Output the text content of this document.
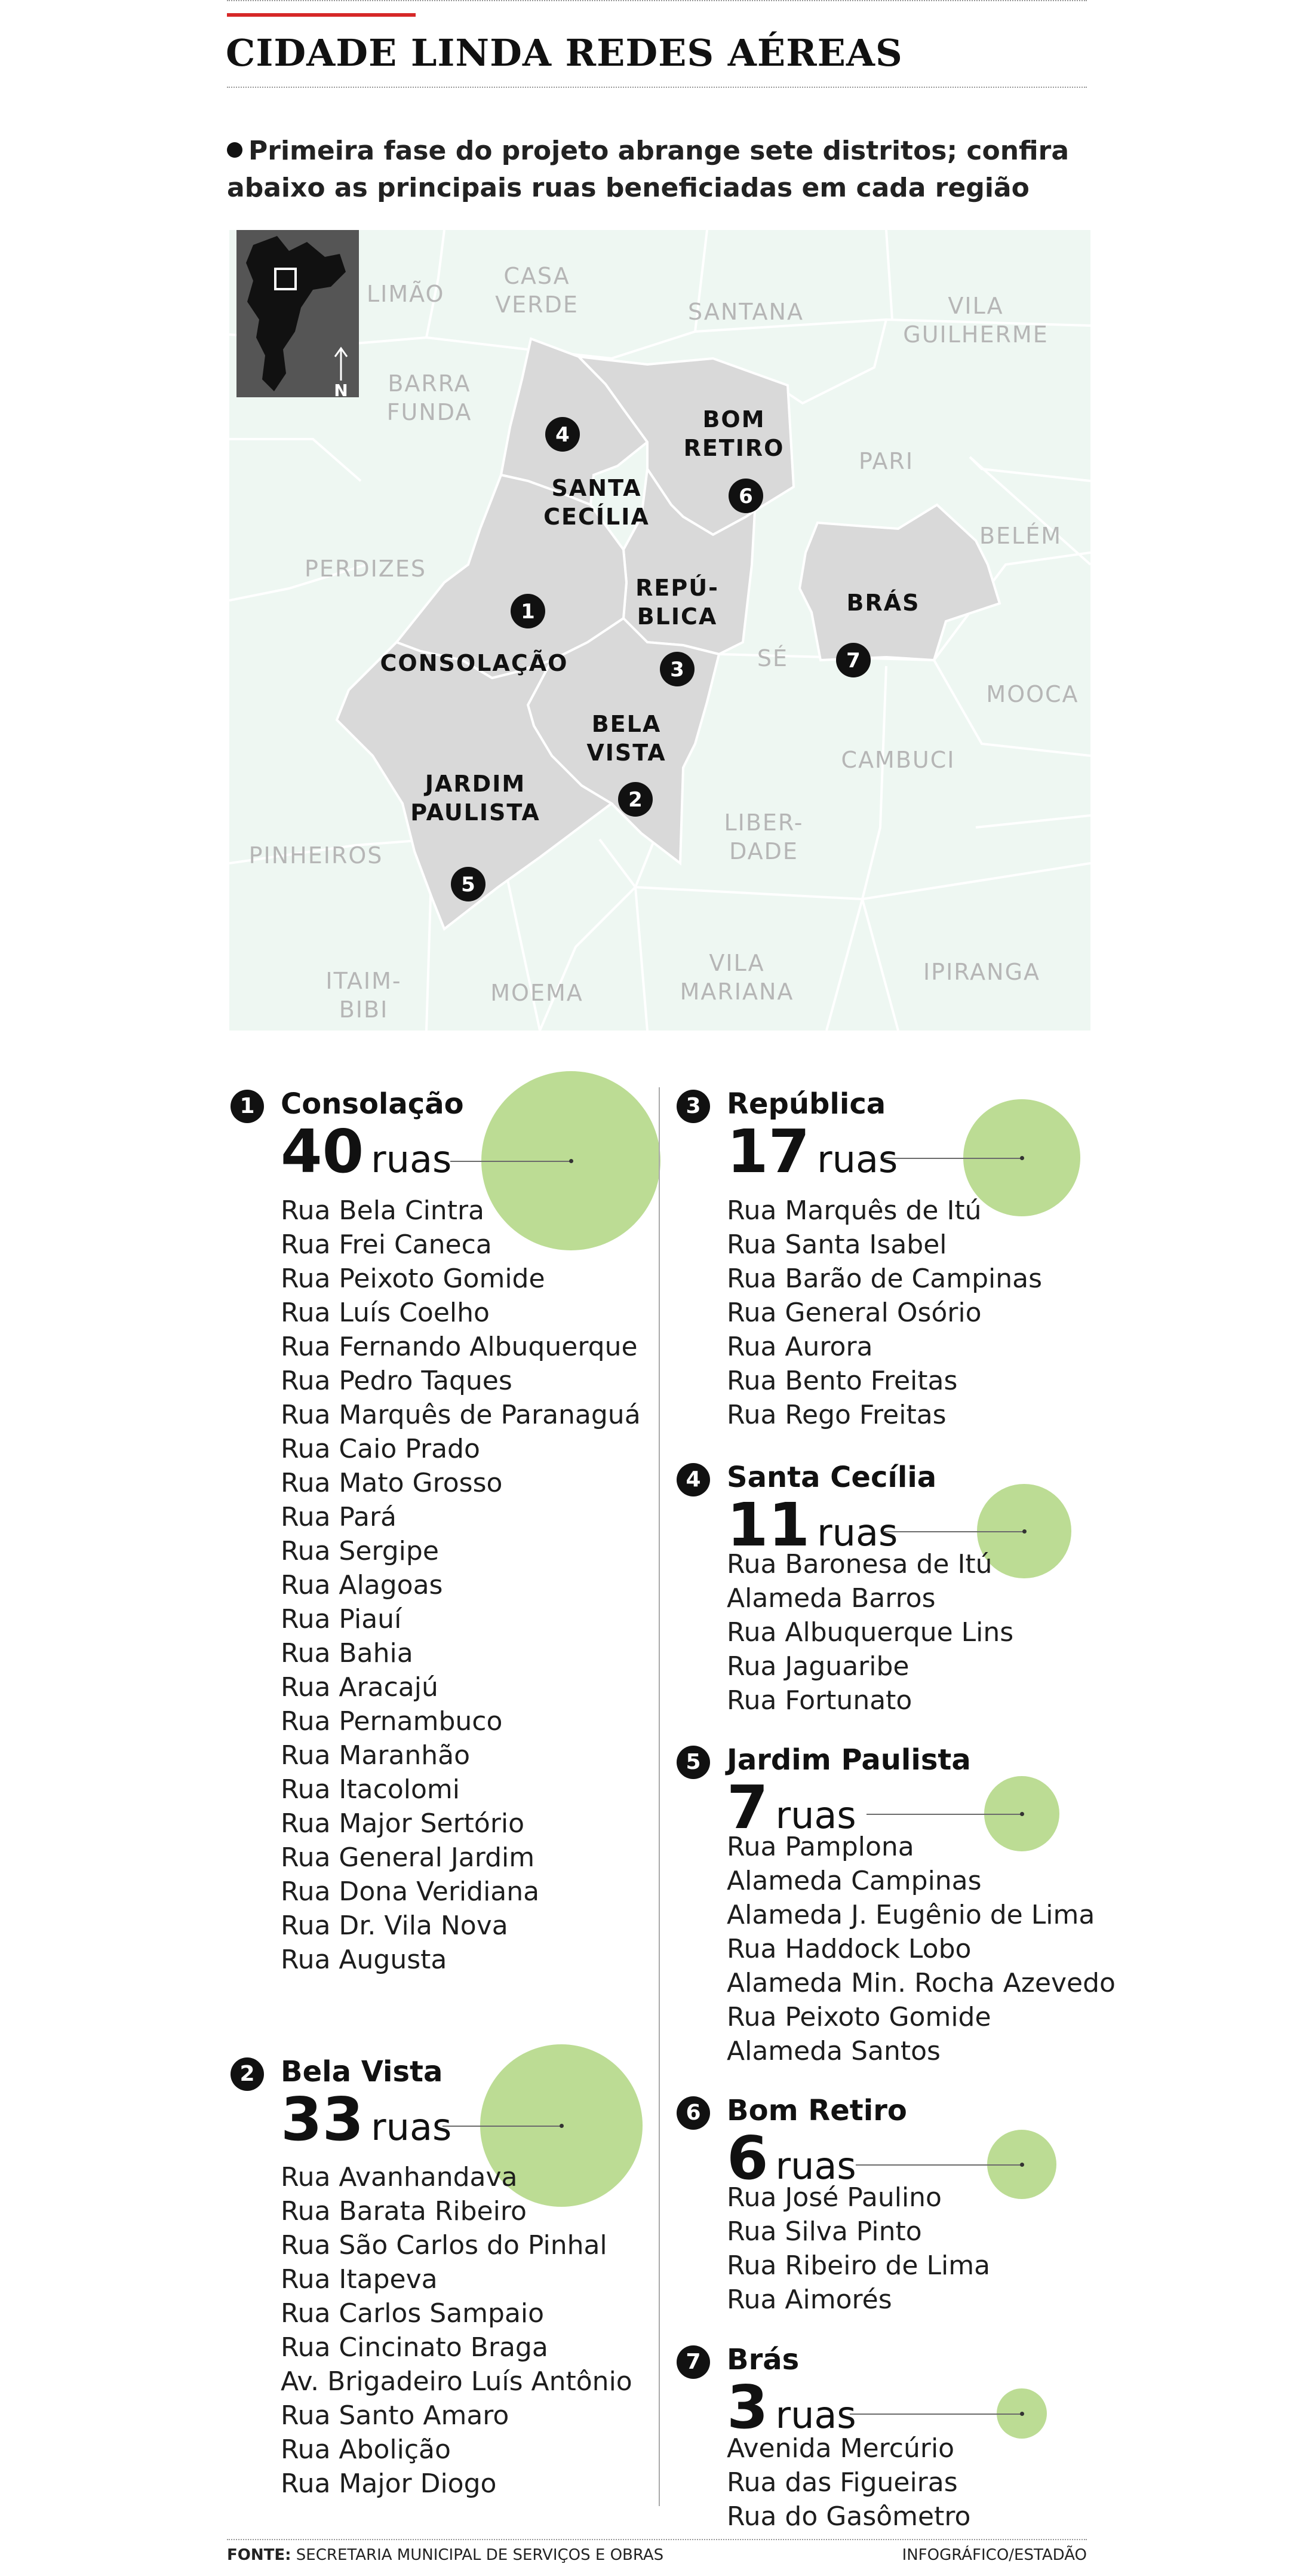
CIDADE LINDA REDES AÉREAS
Primeira fase do projeto abrange sete distritos; confira abaixo as principais ruas beneficiadas em cada região
LIMÃO
CASA
VERDE	SANTANA	VILA
GUILHERME
BARRA
FUNDA
PARI
BELÉM
PERDIZES
SÉ
MOOCA
CAMBUCI
PINHEIROS
LIBER-
DADE
ITAIM-
BIBI
MOEMA
VILA
MARIANA
IPIRANGA
SANTA
CECÍLIA
BOM
RETIRO
REPÚ-
BLICA
CONSOLAÇÃO
BRÁS
BELA
VISTA
JARDIM
PAULISTA
1
2
3
4
5
6
7
N
1 Consolação
40 ruas
Rua Bela Cintra
Rua Frei Caneca
Rua Peixoto Gomide
Rua Luís Coelho
Rua Fernando Albuquerque
Rua Pedro Taques
Rua Marquês de Paranaguá
Rua Caio Prado
Rua Mato Grosso
Rua Pará
Rua Sergipe
Rua Alagoas
Rua Piauí
Rua Bahia
Rua Aracajú
Rua Pernambuco
Rua Maranhão
Rua Itacolomi
Rua Major Sertório
Rua General Jardim
Rua Dona Veridiana
Rua Dr. Vila Nova
Rua Augusta
2 Bela Vista
33 ruas
Rua Avanhandava
Rua Barata Ribeiro
Rua São Carlos do Pinhal
Rua Itapeva
Rua Carlos Sampaio
Rua Cincinato Braga
Av. Brigadeiro Luís Antônio
Rua Santo Amaro
Rua Abolição
Rua Major Diogo
3 República
17 ruas
Rua Marquês de Itú
Rua Santa Isabel
Rua Barão de Campinas
Rua General Osório
Rua Aurora
Rua Bento Freitas
Rua Rego Freitas
4 Santa Cecília
11 ruas
Rua Baronesa de Itú
Alameda Barros
Rua Albuquerque Lins
Rua Jaguaribe
Rua Fortunato
5 Jardim Paulista
7 ruas
Rua Pamplona
Alameda Campinas
Alameda J. Eugênio de Lima
Rua Haddock Lobo
Alameda Min. Rocha Azevedo
Rua Peixoto Gomide
Alameda Santos
6 Bom Retiro
6 ruas
Rua José Paulino
Rua Silva Pinto
Rua Ribeiro de Lima
Rua Aimorés
7 Brás
3 ruas
Avenida Mercúrio
Rua das Figueiras
Rua do Gasômetro
FONTE: SECRETARIA MUNICIPAL DE SERVIÇOS E OBRAS	INFOGRÁFICO/ESTADÃO
